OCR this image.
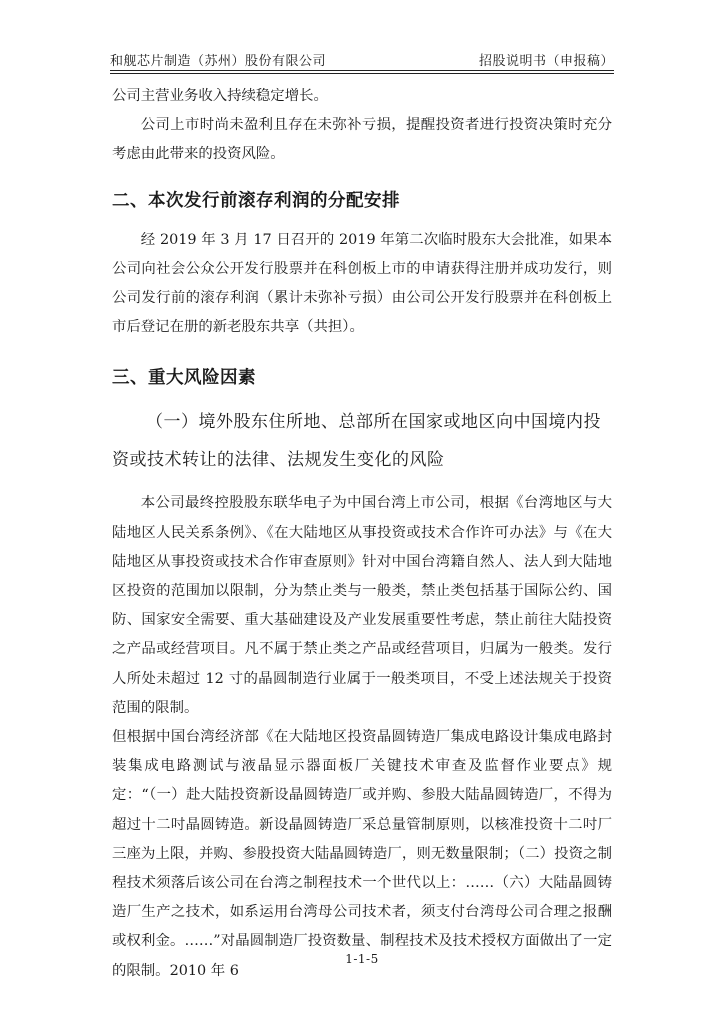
和舰芯片制造（苏州）股份有限公司	招股说明书（申报稿）

公司主营业务收入持续稳定增长。

公司上市时尚未盈利且存在未弥补亏损，提醒投资者进行投资决策时充分考虑由此带来的投资风险。

二、本次发行前滚存利润的分配安排

经 2019 年 3 月 17 日召开的 2019 年第二次临时股东大会批准，如果本公司向社会公众公开发行股票并在科创板上市的申请获得注册并成功发行，则公司发行前的滚存利润（累计未弥补亏损）由公司公开发行股票并在科创板上市后登记在册的新老股东共享（共担）。

三、重大风险因素
（一）境外股东住所地、总部所在国家或地区向中国境内投资或技术转让的法律、法规发生变化的风险

本公司最终控股股东联华电子为中国台湾上市公司，根据《台湾地区与大陆地区人民关系条例》、《在大陆地区从事投资或技术合作许可办法》与《在大陆地区从事投资或技术合作审查原则》针对中国台湾籍自然人、法人到大陆地区投资的范围加以限制，分为禁止类与一般类，禁止类包括基于国际公约、国防、国家安全需要、重大基础建设及产业发展重要性考虑，禁止前往大陆投资之产品或经营项目。凡不属于禁止类之产品或经营项目，归属为一般类。发行人所处未超过 12 寸的晶圆制造行业属于一般类项目，不受上述法规关于投资范围的限制。

但根据中国台湾经济部《在大陆地区投资晶圆铸造厂集成电路设计集成电路封装集成电路测试与液晶显示器面板厂关键技术审查及监督作业要点》规定：“（一）赴大陆投资新设晶圆铸造厂或并购、参股大陆晶圆铸造厂，不得为超过十二吋晶圆铸造。新设晶圆铸造厂采总量管制原则，以核准投资十二吋厂三座为上限，并购、参股投资大陆晶圆铸造厂，则无数量限制；（二）投资之制程技术须落后该公司在台湾之制程技术一个世代以上：……（六）大陆晶圆铸造厂生产之技术，如系运用台湾母公司技术者，须支付台湾母公司合理之报酬或权利金。……”对晶圆制造厂投资数量、制程技术及技术授权方面做出了一定的限制。2010 年 6

1-1-5
